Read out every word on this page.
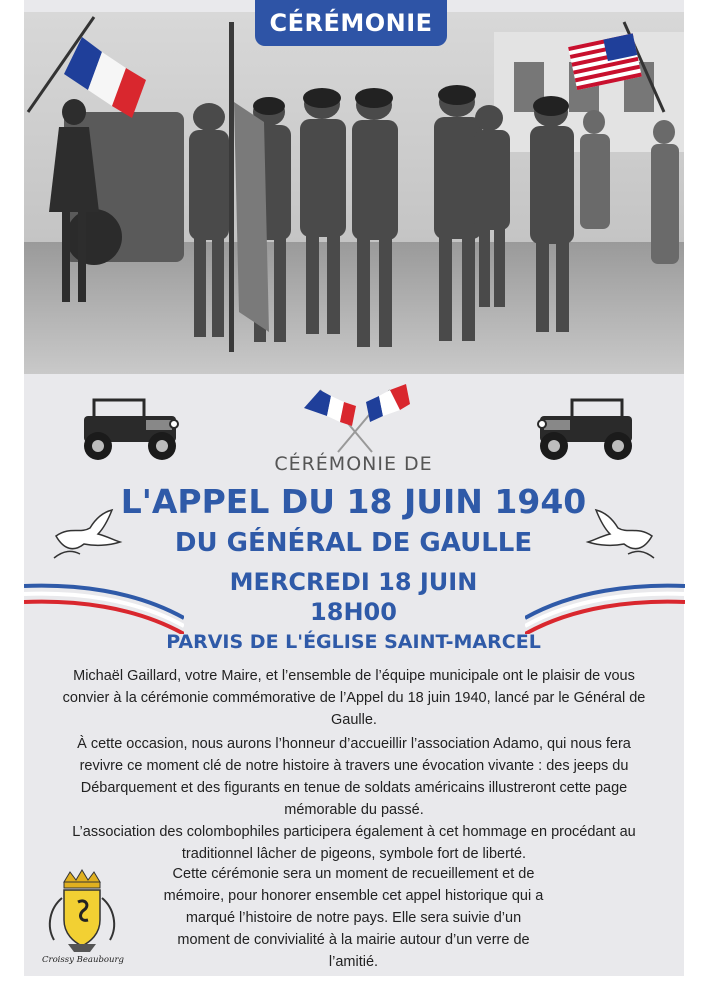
CÉRÉMONIE
CÉRÉMONIE DE
L'APPEL DU 18 JUIN 1940
DU GÉNÉRAL DE GAULLE
MERCREDI 18 JUIN
18H00
PARVIS DE L'ÉGLISE SAINT-MARCEL
Michaël Gaillard, votre Maire, et l’ensemble de l’équipe municipale ont le plaisir de vous convier à la cérémonie commémorative de l’Appel du 18 juin 1940, lancé par le Général de Gaulle.
À cette occasion, nous aurons l’honneur d’accueillir l’association Adamo, qui nous fera revivre ce moment clé de notre histoire à travers une évocation vivante : des jeeps du Débarquement et des figurants en tenue de soldats américains illustreront cette page mémorable du passé.
L’association des colombophiles participera également à cet hommage en procédant au traditionnel lâcher de pigeons, symbole fort de liberté.
Cette cérémonie sera un moment de recueillement et de mémoire, pour honorer ensemble cet appel historique qui a marqué l’histoire de notre pays. Elle sera suivie d’un moment de convivialité à la mairie autour d’un verre de l’amitié.
Croissy Beaubourg
